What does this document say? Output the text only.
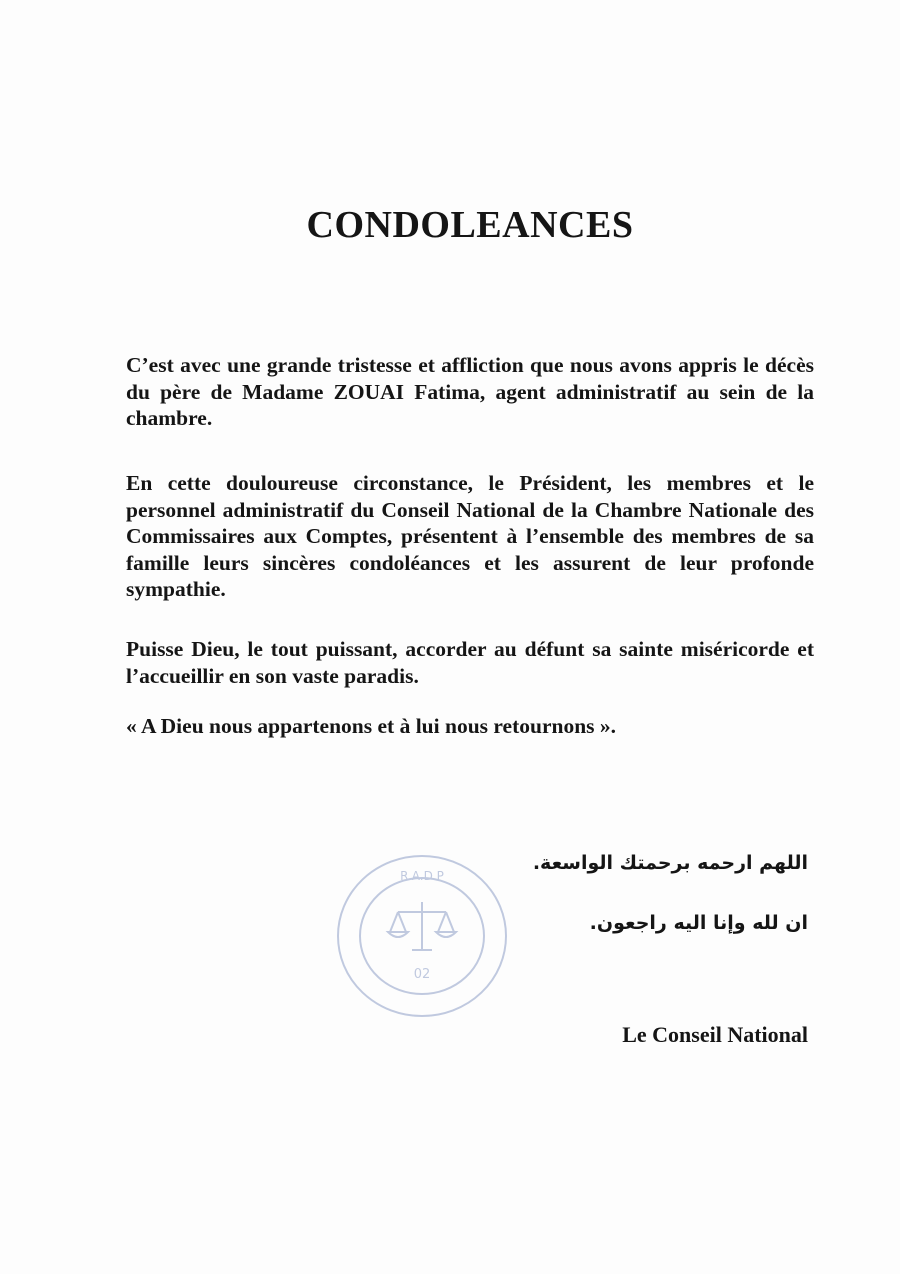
CONDOLEANCES

C’est avec une grande tristesse et affliction que nous avons appris le décès du père de Madame ZOUAI Fatima, agent administratif au sein de la chambre.

En cette douloureuse circonstance, le Président, les membres et le personnel administratif du Conseil National de la Chambre Nationale des Commissaires aux Comptes, présentent à l’ensemble des membres de sa famille leurs sincères condoléances et les assurent de leur profonde sympathie.

Puisse Dieu, le tout puissant, accorder au défunt sa sainte miséricorde et l’accueillir en son vaste paradis.

« A Dieu nous appartenons et à lui nous retournons ».

R.A.D.P
02

اللهم ارحمه برحمتك الواسعة.

ان لله وإنا اليه راجعون.

Le Conseil National
